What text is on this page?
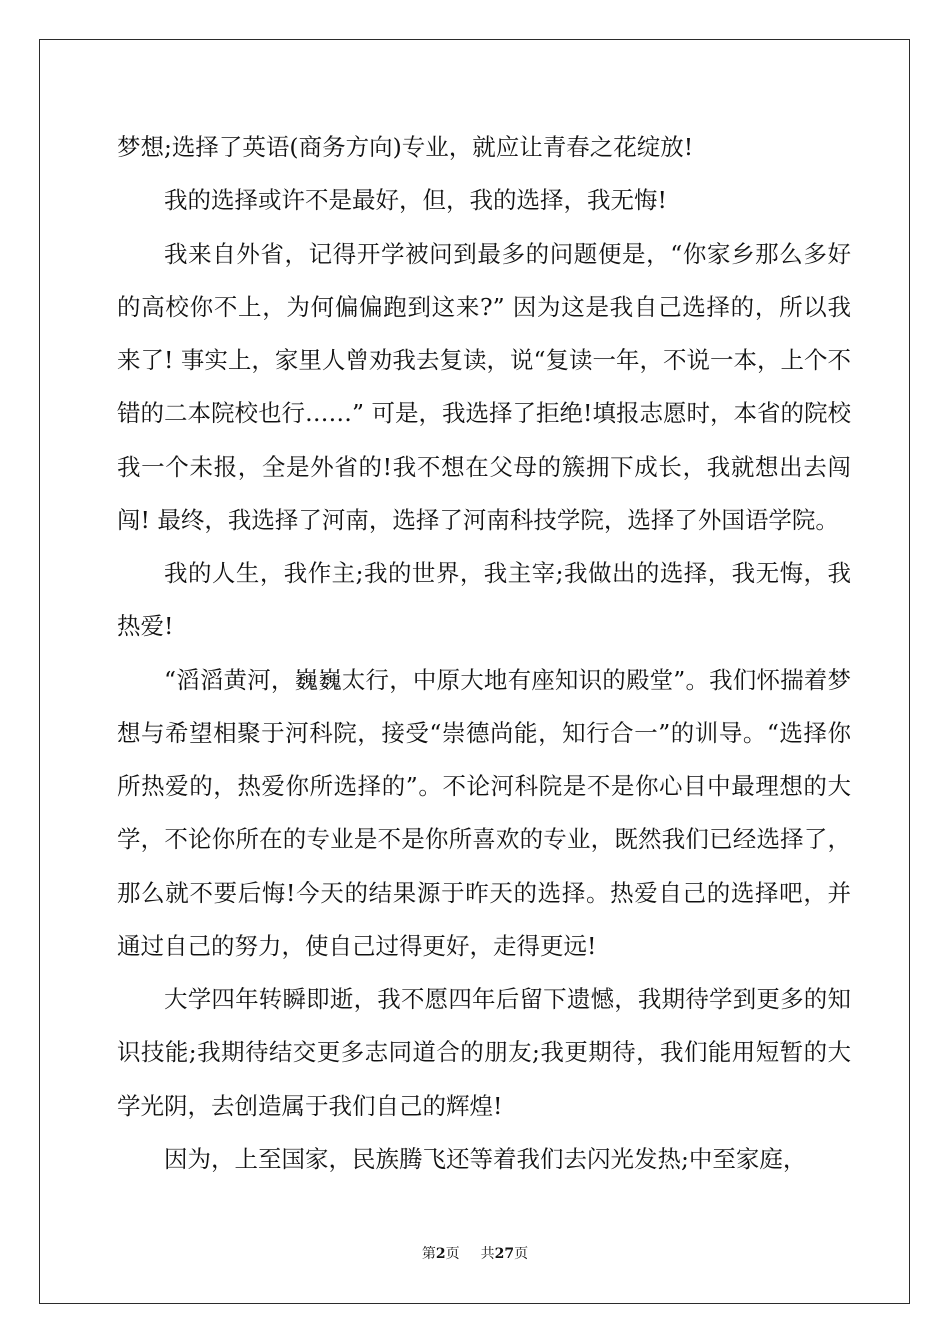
梦想;选择了英语(商务方向)专业，就应让青春之花绽放!

我的选择或许不是最好，但，我的选择，我无悔!

我来自外省，记得开学被问到最多的问题便是，“你家乡那么多好的高校你不上，为何偏偏跑到这来?” 因为这是我自己选择的，所以我来了! 事实上，家里人曾劝我去复读，说“复读一年，不说一本，上个不错的二本院校也行……” 可是，我选择了拒绝!填报志愿时，本省的院校我一个未报，全是外省的!我不想在父母的簇拥下成长，我就想出去闯闯! 最终，我选择了河南，选择了河南科技学院，选择了外国语学院。

我的人生，我作主;我的世界，我主宰;我做出的选择，我无悔，我热爱!

“滔滔黄河，巍巍太行，中原大地有座知识的殿堂”。我们怀揣着梦想与希望相聚于河科院，接受“崇德尚能，知行合一”的训导。“选择你所热爱的，热爱你所选择的”。不论河科院是不是你心目中最理想的大学，不论你所在的专业是不是你所喜欢的专业，既然我们已经选择了，那么就不要后悔!今天的结果源于昨天的选择。热爱自己的选择吧，并通过自己的努力，使自己过得更好，走得更远!

大学四年转瞬即逝，我不愿四年后留下遗憾，我期待学到更多的知识技能;我期待结交更多志同道合的朋友;我更期待，我们能用短暂的大学光阴，去创造属于我们自己的辉煌!

因为，上至国家，民族腾飞还等着我们去闪光发热;中至家庭，

第2页 共27页
